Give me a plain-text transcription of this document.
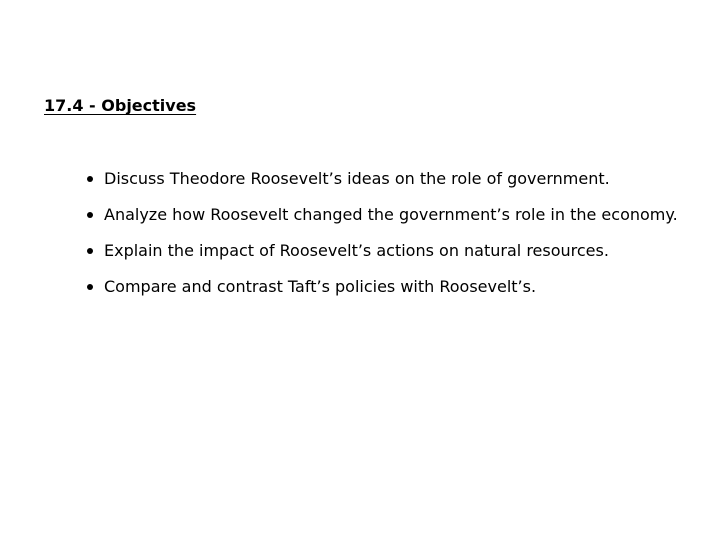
17.4 - Objectives
Discuss Theodore Roosevelt’s ideas on the role of government.
Analyze how Roosevelt changed the government’s role in the economy.
Explain the impact of Roosevelt’s actions on natural resources.
Compare and contrast Taft’s policies with Roosevelt’s.
